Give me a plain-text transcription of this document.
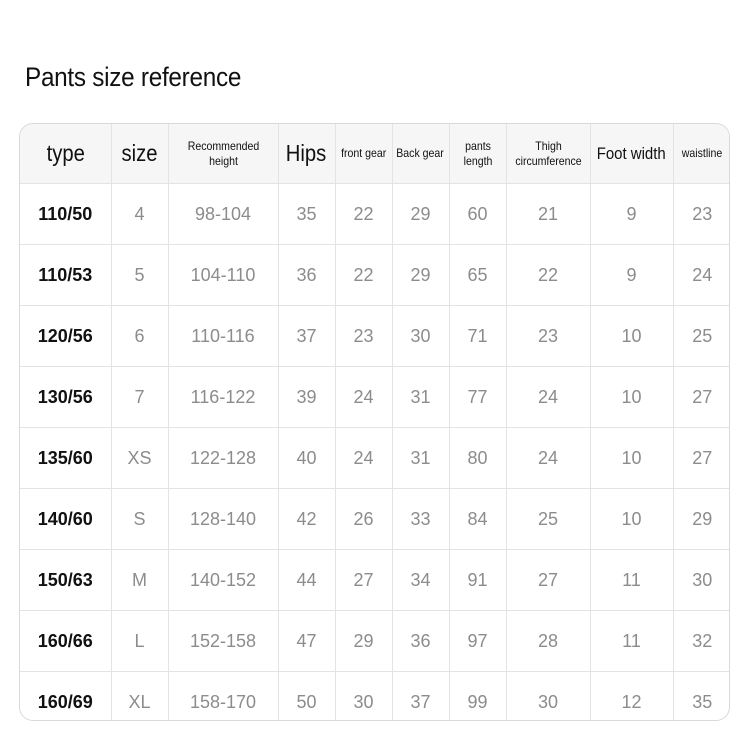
Pants size reference
type	size	Recommended height	Hips	front gear	Back gear	pants length	Thigh circumference	Foot width	waistline
110/50	4	98-104	35	22	29	60	21	9	23
110/53	5	104-110	36	22	29	65	22	9	24
120/56	6	110-116	37	23	30	71	23	10	25
130/56	7	116-122	39	24	31	77	24	10	27
135/60	XS	122-128	40	24	31	80	24	10	27
140/60	S	128-140	42	26	33	84	25	10	29
150/63	M	140-152	44	27	34	91	27	11	30
160/66	L	152-158	47	29	36	97	28	11	32
160/69	XL	158-170	50	30	37	99	30	12	35
